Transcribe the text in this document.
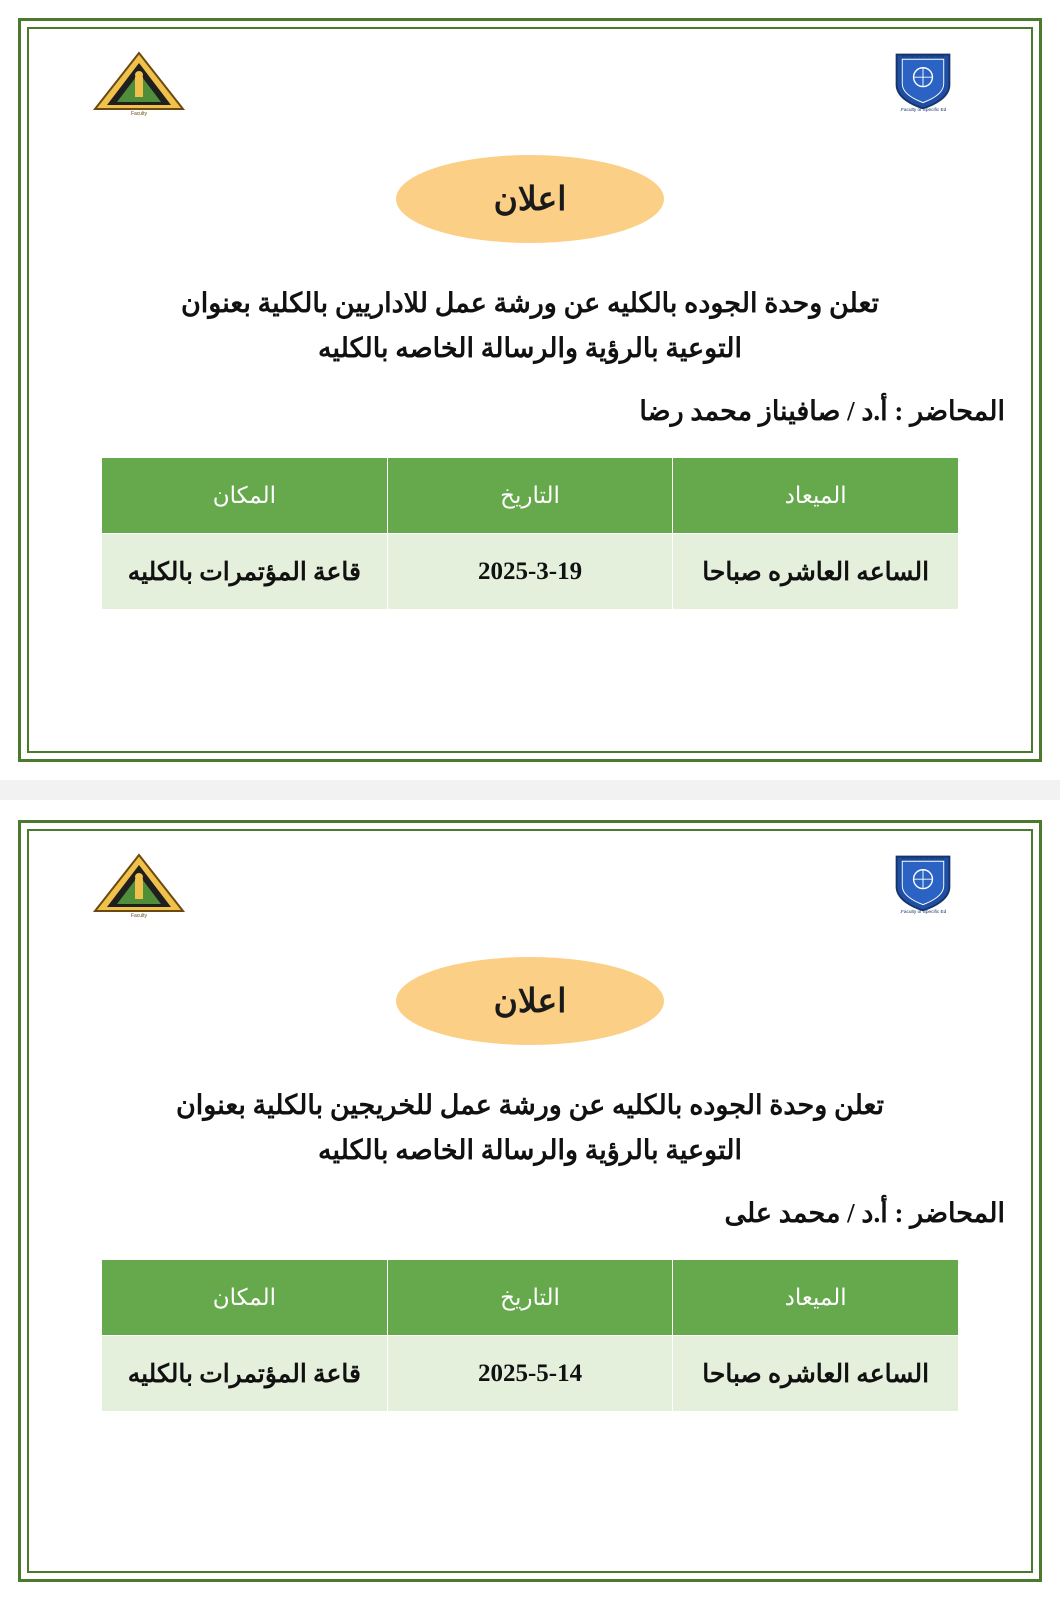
Mansoura University
Faculty of Specific Ed.
Faculty
اعلان
تعلن وحدة الجوده بالكليه عن ورشة عمل للاداريين بالكلية بعنوان
التوعية بالرؤية والرسالة الخاصه بالكليه
المحاضر : أ.د / صافيناز محمد رضا
الميعاد	التاريخ	المكان
الساعه العاشره صباحا	2025-3-19	قاعة المؤتمرات بالكليه
Mansoura University
Faculty of Specific Ed.
Faculty
اعلان
تعلن وحدة الجوده بالكليه عن ورشة عمل للخريجين بالكلية بعنوان
التوعية بالرؤية والرسالة الخاصه بالكليه
المحاضر : أ.د / محمد على
الميعاد	التاريخ	المكان
الساعه العاشره صباحا	2025-5-14	قاعة المؤتمرات بالكليه
